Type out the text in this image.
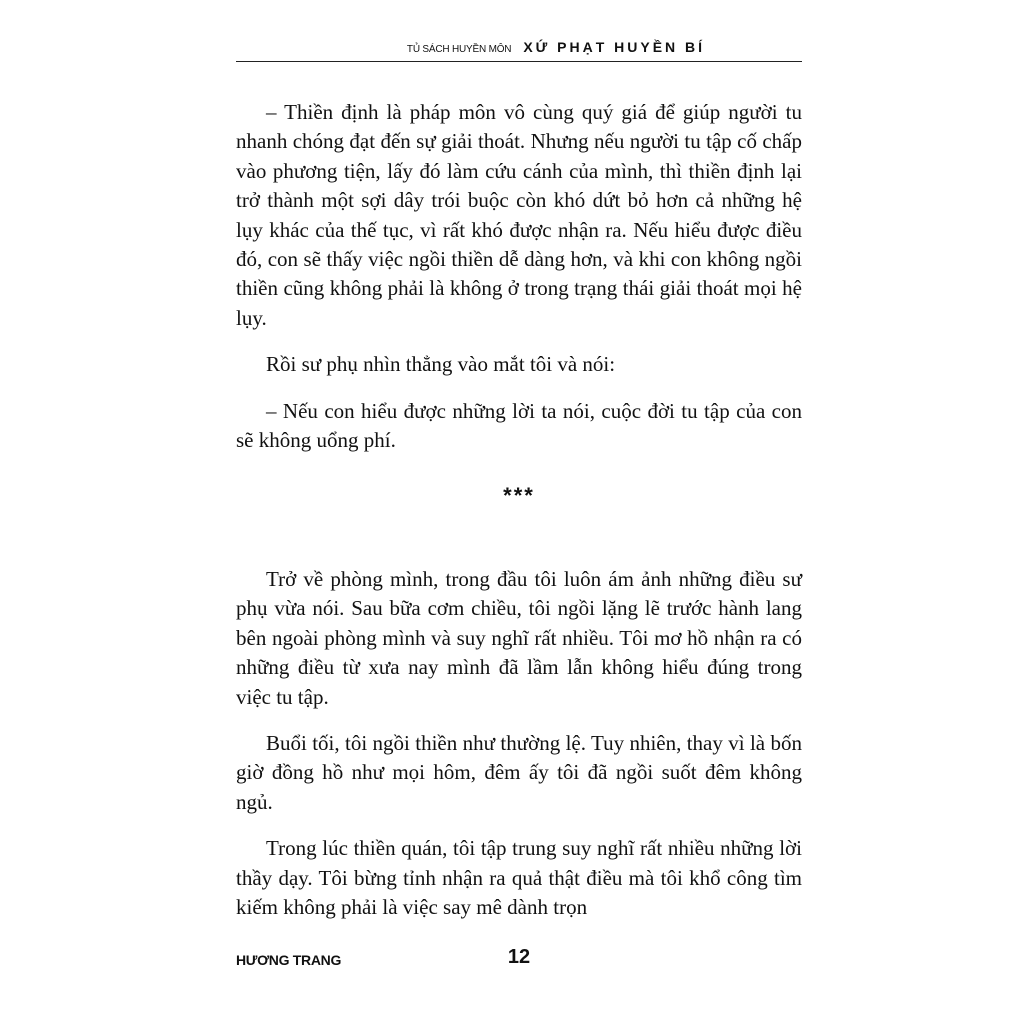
TỦ SÁCH HUYỀN MÔN XỨ PHẠT HUYỀN BÍ

– Thiền định là pháp môn vô cùng quý giá để giúp người tu nhanh chóng đạt đến sự giải thoát. Nhưng nếu người tu tập cố chấp vào phương tiện, lấy đó làm cứu cánh của mình, thì thiền định lại trở thành một sợi dây trói buộc còn khó dứt bỏ hơn cả những hệ lụy khác của thế tục, vì rất khó được nhận ra. Nếu hiểu được điều đó, con sẽ thấy việc ngồi thiền dễ dàng hơn, và khi con không ngồi thiền cũng không phải là không ở trong trạng thái giải thoát mọi hệ lụy.

Rồi sư phụ nhìn thẳng vào mắt tôi và nói:

– Nếu con hiểu được những lời ta nói, cuộc đời tu tập của con sẽ không uổng phí.

***

Trở về phòng mình, trong đầu tôi luôn ám ảnh những điều sư phụ vừa nói. Sau bữa cơm chiều, tôi ngồi lặng lẽ trước hành lang bên ngoài phòng mình và suy nghĩ rất nhiều. Tôi mơ hồ nhận ra có những điều từ xưa nay mình đã lầm lẫn không hiểu đúng trong việc tu tập.

Buổi tối, tôi ngồi thiền như thường lệ. Tuy nhiên, thay vì là bốn giờ đồng hồ như mọi hôm, đêm ấy tôi đã ngồi suốt đêm không ngủ.

Trong lúc thiền quán, tôi tập trung suy nghĩ rất nhiều những lời thầy dạy. Tôi bừng tỉnh nhận ra quả thật điều mà tôi khổ công tìm kiếm không phải là việc say mê dành trọn

HƯƠNG TRANG	12
